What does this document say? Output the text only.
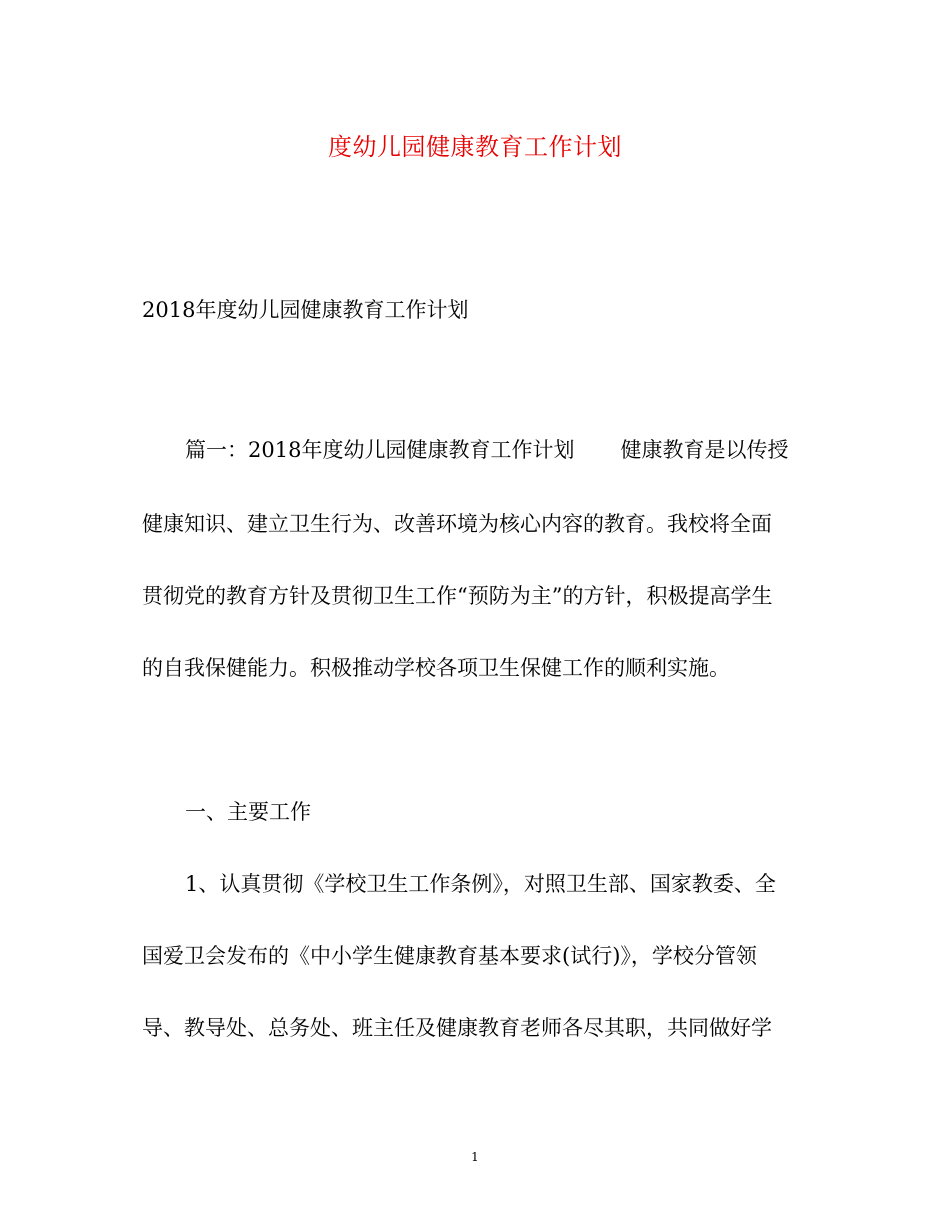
度幼儿园健康教育工作计划
2018年度幼儿园健康教育工作计划
篇一：2018年度幼儿园健康教育工作计划 健康教育是以传授
健康知识、建立卫生行为、改善环境为核心内容的教育。我校将全面
贯彻党的教育方针及贯彻卫生工作“预防为主”的方针，积极提高学生
的自我保健能力。积极推动学校各项卫生保健工作的顺利实施。
一、主要工作
1、认真贯彻《学校卫生工作条例》，对照卫生部、国家教委、全
国爱卫会发布的《中小学生健康教育基本要求(试行)》，学校分管领
导、教导处、总务处、班主任及健康教育老师各尽其职，共同做好学
1
